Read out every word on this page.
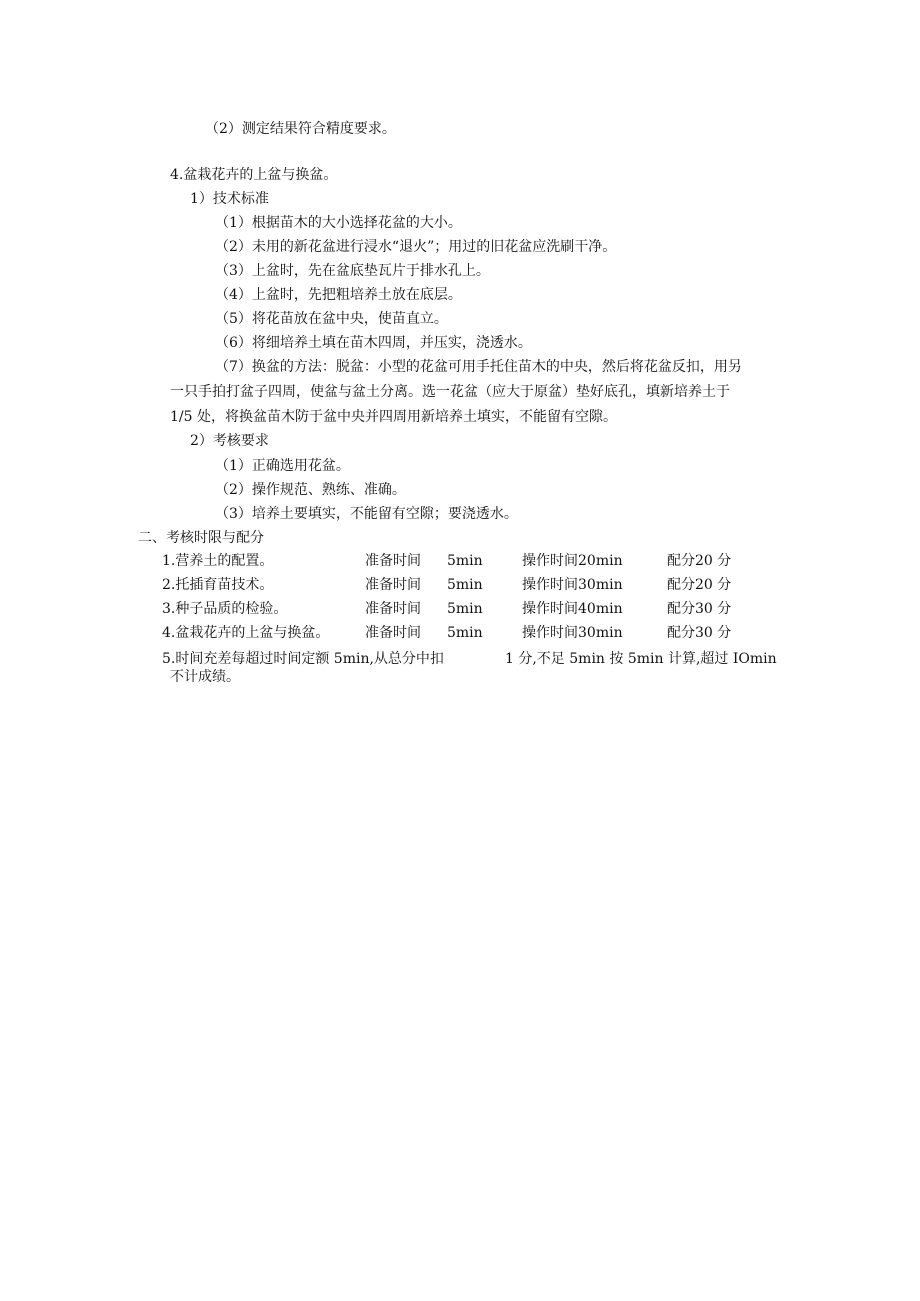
（2）测定结果符合精度要求。
4.盆栽花卉的上盆与换盆。
1）技术标准
（1）根据苗木的大小选择花盆的大小。
（2）未用的新花盆进行浸水“退火”；用过的旧花盆应洗刷干净。
（3）上盆时，先在盆底垫瓦片于排水孔上。
（4）上盆时，先把粗培养土放在底层。
（5）将花苗放在盆中央，使苗直立。
（6）将细培养土填在苗木四周，并压实，浇透水。
（7）换盆的方法：脱盆：小型的花盆可用手托住苗木的中央，然后将花盆反扣，用另
一只手拍打盆子四周，使盆与盆土分离。选一花盆（应大于原盆）垫好底孔，填新培养土于
1/5 处，将换盆苗木防于盆中央并四周用新培养土填实，不能留有空隙。
2）考核要求
（1）正确选用花盆。
（2）操作规范、熟练、准确。
（3）培养土要填实，不能留有空隙；要浇透水。
二、考核时限与配分
1.营养土的配置。	准备时间 5min	操作时间20min	配分20 分
2.托插育苗技术。	准备时间 5min	操作时间30min	配分20 分
3.种子品质的检验。	准备时间 5min	操作时间40min	配分30 分
4.盆栽花卉的上盆与换盆。	准备时间 5min	操作时间30min	配分30 分
5.时间充差每超过时间定额 5min,从总分中扣	1 分,不足 5min 按 5min 计算,超过 IOmin
不计成绩。
